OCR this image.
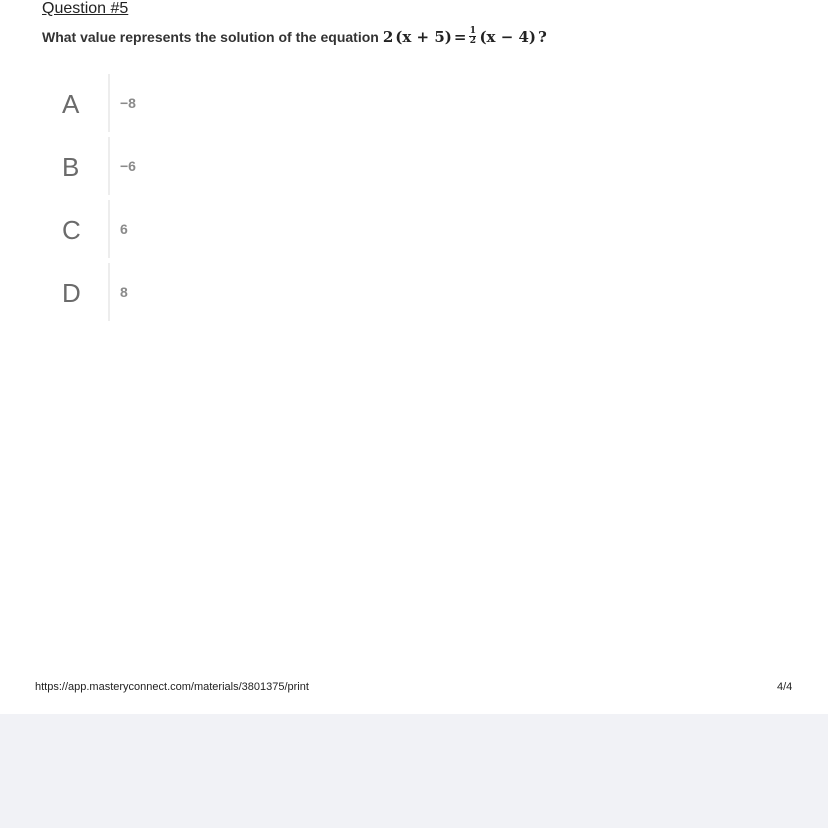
Question #5
What value represents the solution of the equation 2 $(x + 5) = \frac{1}{2} (x - 4)$ ?
A	−8
B	−6
C	6
D	8
https://app.masteryconnect.com/materials/3801375/print	4/4
